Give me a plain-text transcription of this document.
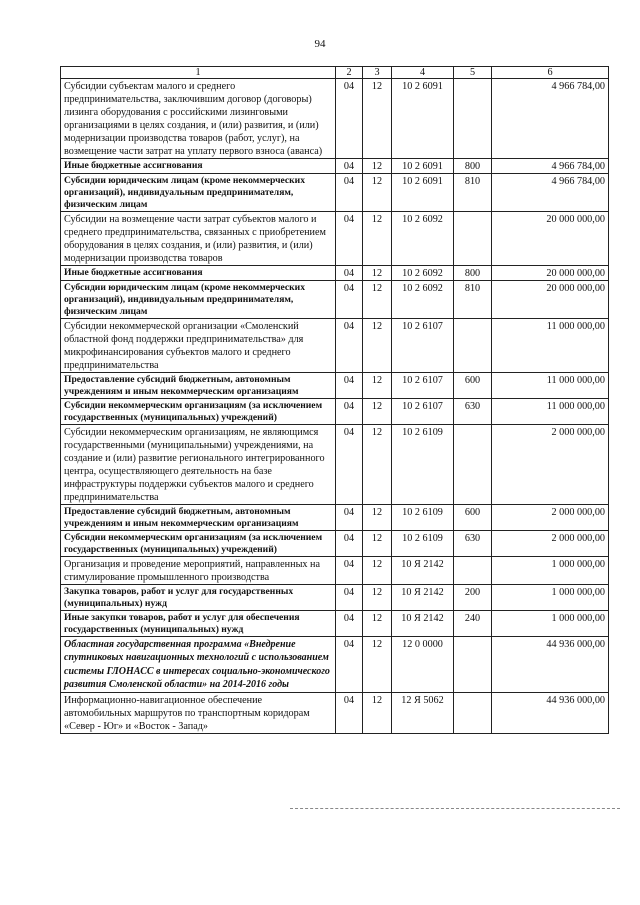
94
1	2	3	4	5	6
Субсидии субъектам малого и среднего предпринимательства, заключившим договор (договоры) лизинга оборудования с российскими лизинговыми организациями в целях создания, и (или) развития, и (или) модернизации производства товаров (работ, услуг), на возмещение части затрат на уплату первого взноса (аванса)	04	12	10 2 6091		4 966 784,00
Иные бюджетные ассигнования	04	12	10 2 6091	800	4 966 784,00
Субсидии юридическим лицам (кроме некоммерческих организаций), индивидуальным предпринимателям, физическим лицам	04	12	10 2 6091	810	4 966 784,00
Субсидии на возмещение части затрат субъектов малого и среднего предпринимательства, связанных с приобретением оборудования в целях создания, и (или) развития, и (или) модернизации производства товаров	04	12	10 2 6092		20 000 000,00
Иные бюджетные ассигнования	04	12	10 2 6092	800	20 000 000,00
Субсидии юридическим лицам (кроме некоммерческих организаций), индивидуальным предпринимателям, физическим лицам	04	12	10 2 6092	810	20 000 000,00
Субсидии некоммерческой организации «Смоленский областной фонд поддержки предпринимательства» для микрофинансирования субъектов малого и среднего предпринимательства	04	12	10 2 6107		11 000 000,00
Предоставление субсидий бюджетным, автономным учреждениям и иным некоммерческим организациям	04	12	10 2 6107	600	11 000 000,00
Субсидии некоммерческим организациям (за исключением государственных (муниципальных) учреждений)	04	12	10 2 6107	630	11 000 000,00
Субсидии некоммерческим организациям, не являющимся государственными (муниципальными) учреждениями, на создание и (или) развитие регионального интегрированного центра, осуществляющего деятельность на базе инфраструктуры поддержки субъектов малого и среднего предпринимательства	04	12	10 2 6109		2 000 000,00
Предоставление субсидий бюджетным, автономным учреждениям и иным некоммерческим организациям	04	12	10 2 6109	600	2 000 000,00
Субсидии некоммерческим организациям (за исключением государственных (муниципальных) учреждений)	04	12	10 2 6109	630	2 000 000,00
Организация и проведение мероприятий, направленных на стимулирование промышленного производства	04	12	10 Я 2142		1 000 000,00
Закупка товаров, работ и услуг для государственных (муниципальных) нужд	04	12	10 Я 2142	200	1 000 000,00
Иные закупки товаров, работ и услуг для обеспечения государственных (муниципальных) нужд	04	12	10 Я 2142	240	1 000 000,00
Областная государственная программа «Внедрение спутниковых навигационных технологий с использованием системы ГЛОНАСС в интересах социально-экономического развития Смоленской области» на 2014-2016 годы	04	12	12 0 0000		44 936 000,00
Информационно-навигационное обеспечение автомобильных маршрутов по транспортным коридорам «Север - Юг» и «Восток - Запад»	04	12	12 Я 5062		44 936 000,00
